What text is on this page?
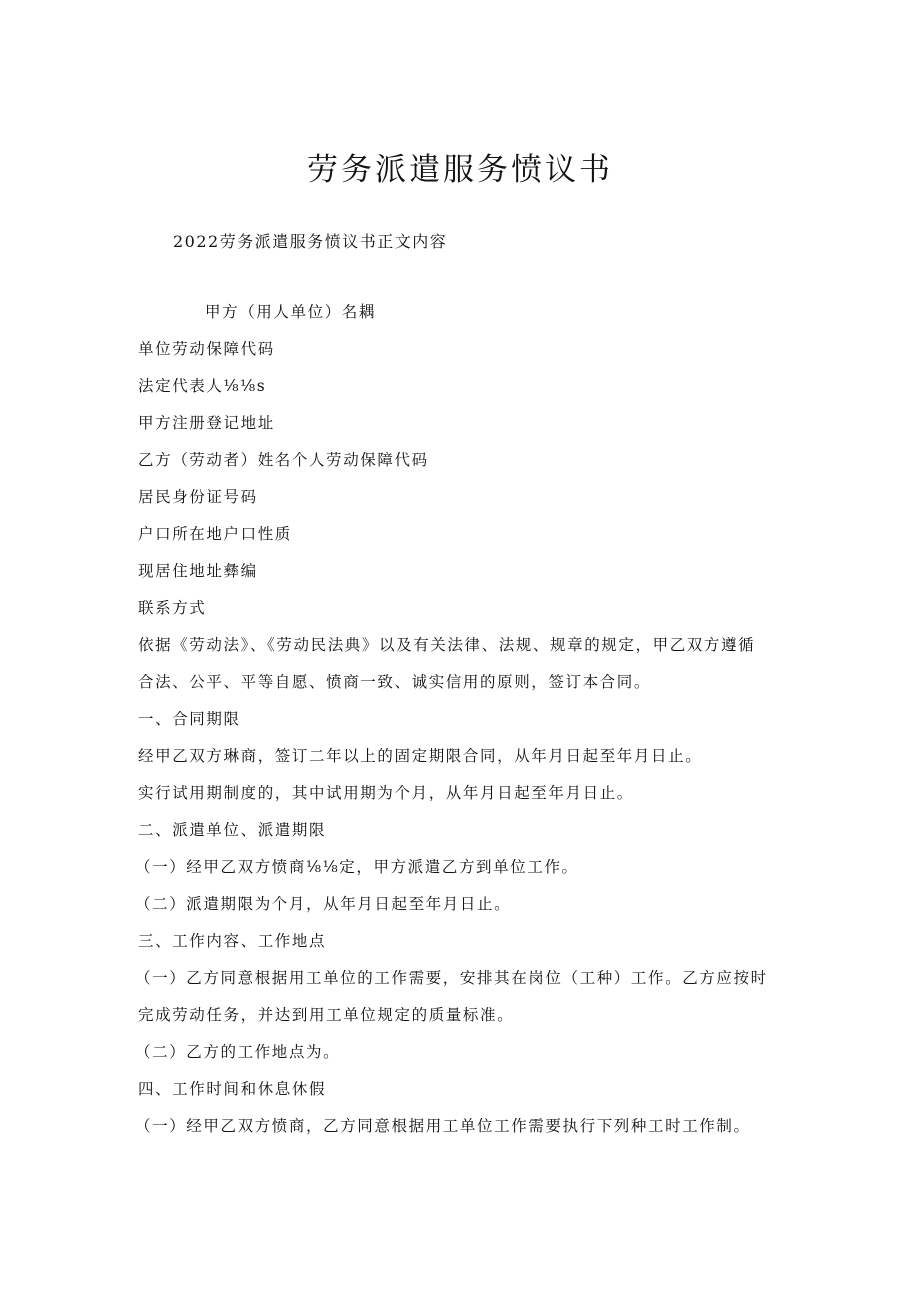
劳务派遣服务愤议书
2022劳务派遣服务愤议书正文内容
甲方（用人单位）名耦
单位劳动保障代码
法定代表人⅛⅛s
甲方注册登记地址
乙方（劳动者）姓名个人劳动保障代码
居民身份证号码
户口所在地户口性质
现居住地址彝编
联系方式
依据《劳动法》、《劳动民法典》以及有关法律、法规、规章的规定，甲乙双方遵循
合法、公平、平等自愿、愤商一致、诚实信用的原则，签订本合同。
一、合同期限
经甲乙双方琳商，签订二年以上的固定期限合同，从年月日起至年月日止。
实行试用期制度的，其中试用期为个月，从年月日起至年月日止。
二、派遣单位、派遣期限
（一）经甲乙双方愤商⅛⅛定，甲方派遣乙方到单位工作。
（二）派遣期限为个月，从年月日起至年月日止。
三、工作内容、工作地点
（一）乙方同意根据用工单位的工作需要，安排其在岗位（工种）工作。乙方应按时
完成劳动任务，并达到用工单位规定的质量标准。
（二）乙方的工作地点为。
四、工作时间和休息休假
（一）经甲乙双方愤商，乙方同意根据用工单位工作需要执行下列种工时工作制。
